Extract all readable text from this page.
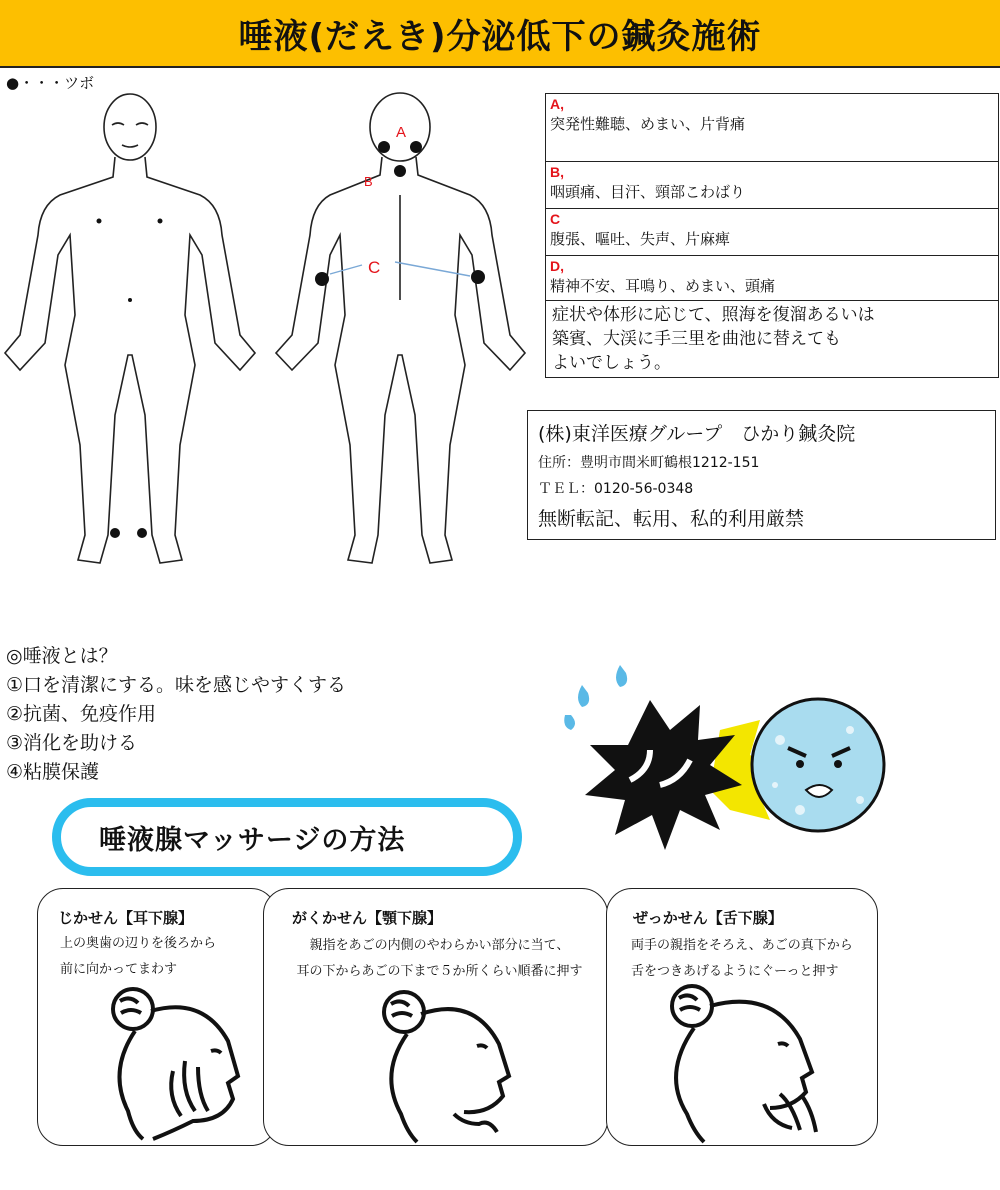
唾液(だえき)分泌低下の鍼灸施術
●・・・ツボ
A
B
C
A,
突発性難聴、めまい、片背痛
B,
咽頭痛、目汗、頸部こわばり
C
腹張、嘔吐、失声、片麻痺
D,
精神不安、耳鳴り、めまい、頭痛
症状や体形に応じて、照海を復溜あるいは
築賓、大渓に手三里を曲池に替えても
よいでしょう。
(株)東洋医療グループ　ひかり鍼灸院
住所：豊明市間米町鶴根1212-151
ＴＥＬ：0120-56-0348
無断転記、転用、私的利用厳禁
◎唾液とは？
①口を清潔にする。味を感じやすくする
②抗菌、免疫作用
③消化を助ける
④粘膜保護
唾液腺マッサージの方法
じかせん【耳下腺】
上の奥歯の辺りを後ろから
前に向かってまわす
がくかせん【顎下腺】
親指をあごの内側のやわらかい部分に当て、
耳の下からあごの下まで５か所くらい順番に押す
ぜっかせん【舌下腺】
両手の親指をそろえ、あごの真下から
舌をつきあげるようにぐーっと押す
